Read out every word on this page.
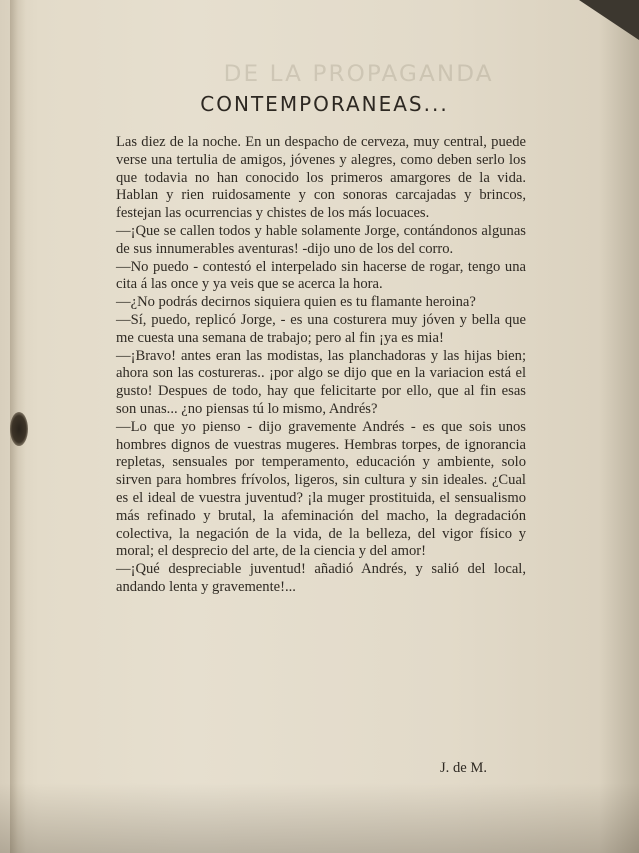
DE LA PROPAGANDA
CONTEMPORANEAS...

Las diez de la noche. En un despacho de cerveza, muy central, puede verse una tertulia de amigos, jóvenes y alegres, como deben serlo los que todavia no han conocido los primeros amargores de la vida. Hablan y rien ruidosamente y con sonoras carcajadas y brincos, festejan las ocurrencias y chistes de los más locuaces.

—¡Que se callen todos y hable solamente Jorge, contándonos algunas de sus innumerables aventuras! -dijo uno de los del corro.

—No puedo - contestó el interpelado sin hacerse de rogar, tengo una cita á las once y ya veis que se acerca la hora.

—¿No podrás decirnos siquiera quien es tu flamante heroina?

—Sí, puedo, replicó Jorge, - es una costurera muy jóven y bella que me cuesta una semana de trabajo; pero al fin ¡ya es mia!

—¡Bravo! antes eran las modistas, las planchadoras y las hijas bien; ahora son las costureras.. ¡por algo se dijo que en la variacion está el gusto! Despues de todo, hay que felicitarte por ello, que al fin esas son unas... ¿no piensas tú lo mismo, Andrés?

—Lo que yo pienso - dijo gravemente Andrés - es que sois unos hombres dignos de vuestras mugeres. Hembras torpes, de ignorancia repletas, sensuales por temperamento, educación y ambiente, solo sirven para hombres frívolos, ligeros, sin cultura y sin ideales. ¿Cual es el ideal de vuestra juventud? ¡la muger prostituida, el sensualismo más refinado y brutal, la afeminación del macho, la degradación colectiva, la negación de la vida, de la belleza, del vigor físico y moral; el desprecio del arte, de la ciencia y del amor!

—¡Qué despreciable juventud! añadió Andrés, y salió del local, andando lenta y gravemente!...

J. de M.
